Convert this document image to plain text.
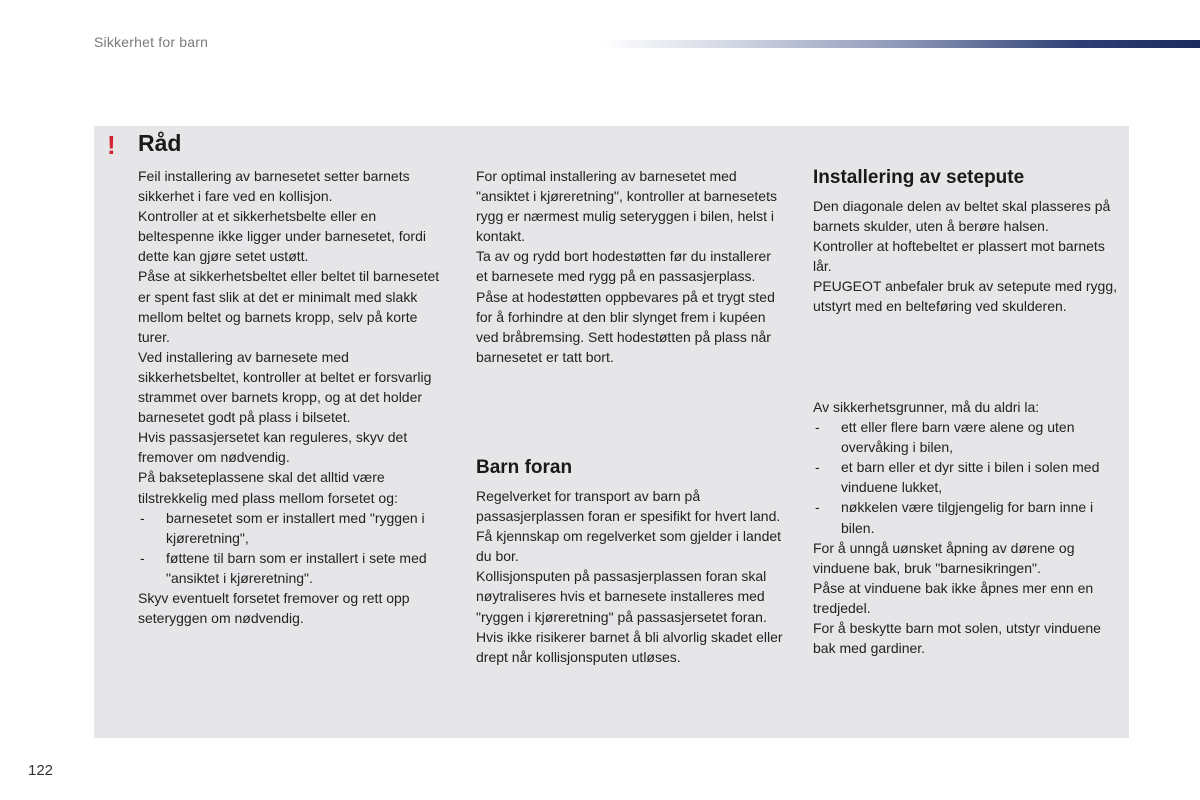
Sikkerhet for barn
! Råd

Feil installering av barnesetet setter barnets sikkerhet i fare ved en kollisjon.

Kontroller at et sikkerhetsbelte eller en beltespenne ikke ligger under barnesetet, fordi dette kan gjøre setet ustøtt.

Påse at sikkerhetsbeltet eller beltet til barnesetet er spent fast slik at det er minimalt med slakk mellom beltet og barnets kropp, selv på korte turer.

Ved installering av barnesete med sikkerhetsbeltet, kontroller at beltet er forsvarlig strammet over barnets kropp, og at det holder barnesetet godt på plass i bilsetet.

Hvis passasjersetet kan reguleres, skyv det fremover om nødvendig.

På bakseteplassene skal det alltid være tilstrekkelig med plass mellom forsetet og:

- barnesetet som er installert med "ryggen i kjøreretning",
- føttene til barn som er installert i sete med "ansiktet i kjøreretning".

Skyv eventuelt forsetet fremover og rett opp seteryggen om nødvendig.

For optimal installering av barnesetet med "ansiktet i kjøreretning", kontroller at barnesetets rygg er nærmest mulig seteryggen i bilen, helst i kontakt.

Ta av og rydd bort hodestøtten før du installerer et barnesete med rygg på en passasjerplass.

Påse at hodestøtten oppbevares på et trygt sted for å forhindre at den blir slynget frem i kupéen ved bråbremsing. Sett hodestøtten på plass når barnesetet er tatt bort.

Barn foran

Regelverket for transport av barn på passasjerplassen foran er spesifikt for hvert land. Få kjennskap om regelverket som gjelder i landet du bor.

Kollisjonsputen på passasjerplassen foran skal nøytraliseres hvis et barnesete installeres med "ryggen i kjøreretning" på passasjersetet foran.

Hvis ikke risikerer barnet å bli alvorlig skadet eller drept når kollisjonsputen utløses.

Installering av setepute

Den diagonale delen av beltet skal plasseres på barnets skulder, uten å berøre halsen.

Kontroller at hoftebeltet er plassert mot barnets lår.

PEUGEOT anbefaler bruk av setepute med rygg, utstyrt med en belteføring ved skulderen.

Av sikkerhetsgrunner, må du aldri la:

- ett eller flere barn være alene og uten overvåking i bilen,
- et barn eller et dyr sitte i bilen i solen med vinduene lukket,
- nøkkelen være tilgjengelig for barn inne i bilen.

For å unngå uønsket åpning av dørene og vinduene bak, bruk "barnesikringen".

Påse at vinduene bak ikke åpnes mer enn en tredjedel.

For å beskytte barn mot solen, utstyr vinduene bak med gardiner.

122
